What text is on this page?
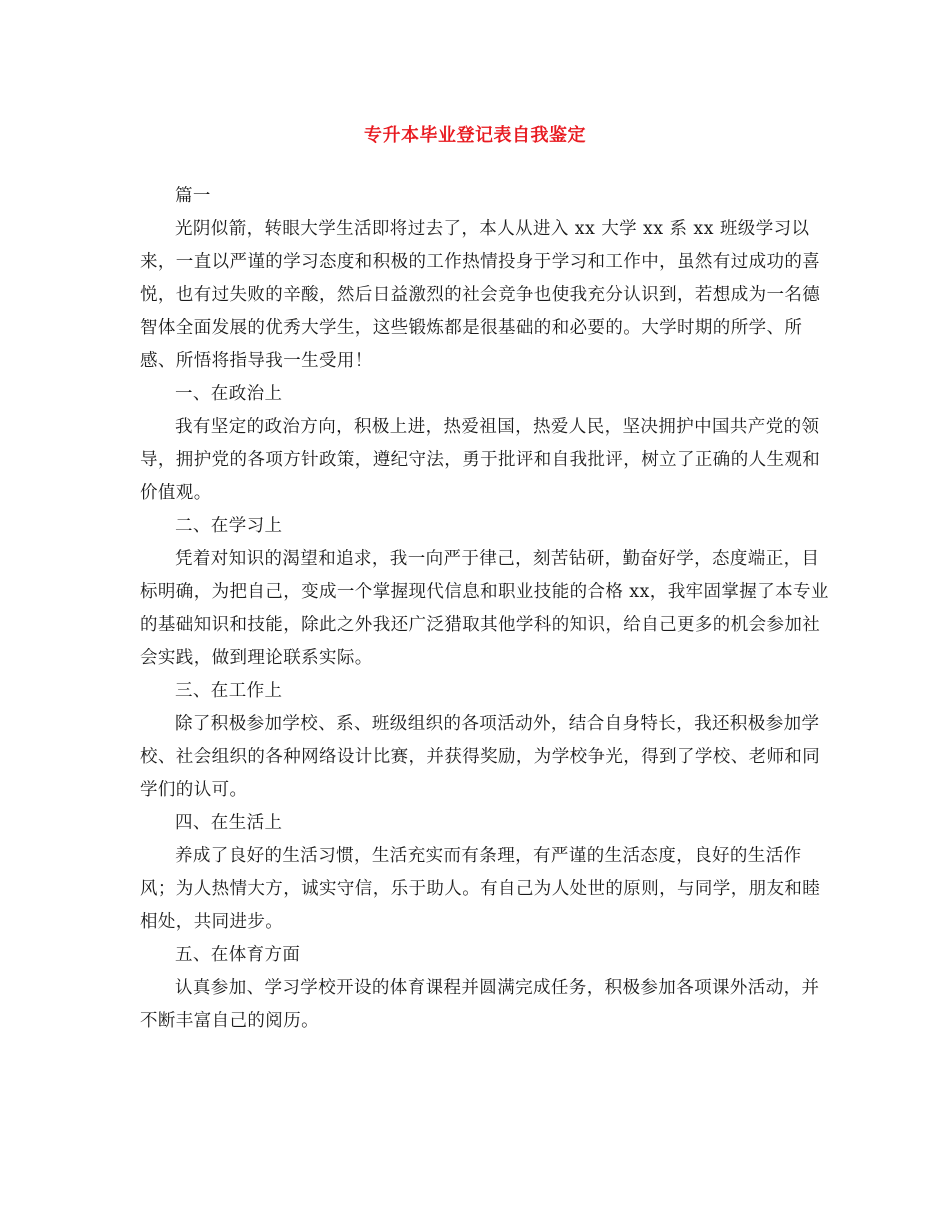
专升本毕业登记表自我鉴定

篇一

光阴似箭，转眼大学生活即将过去了，本人从进入 xx 大学 xx 系 xx 班级学习以来，一直以严谨的学习态度和积极的工作热情投身于学习和工作中，虽然有过成功的喜悦，也有过失败的辛酸，然后日益激烈的社会竞争也使我充分认识到，若想成为一名德智体全面发展的优秀大学生，这些锻炼都是很基础的和必要的。大学时期的所学、所感、所悟将指导我一生受用！

一、在政治上

我有坚定的政治方向，积极上进，热爱祖国，热爱人民，坚决拥护中国共产党的领导，拥护党的各项方针政策，遵纪守法，勇于批评和自我批评，树立了正确的人生观和价值观。

二、在学习上

凭着对知识的渴望和追求，我一向严于律己，刻苦钻研，勤奋好学，态度端正，目标明确，为把自己，变成一个掌握现代信息和职业技能的合格 xx，我牢固掌握了本专业的基础知识和技能，除此之外我还广泛猎取其他学科的知识，给自己更多的机会参加社会实践，做到理论联系实际。

三、在工作上

除了积极参加学校、系、班级组织的各项活动外，结合自身特长，我还积极参加学校、社会组织的各种网络设计比赛，并获得奖励，为学校争光，得到了学校、老师和同学们的认可。

四、在生活上

养成了良好的生活习惯，生活充实而有条理，有严谨的生活态度，良好的生活作风；为人热情大方，诚实守信，乐于助人。有自己为人处世的原则，与同学，朋友和睦相处，共同进步。

五、在体育方面

认真参加、学习学校开设的体育课程并圆满完成任务，积极参加各项课外活动，并不断丰富自己的阅历。
